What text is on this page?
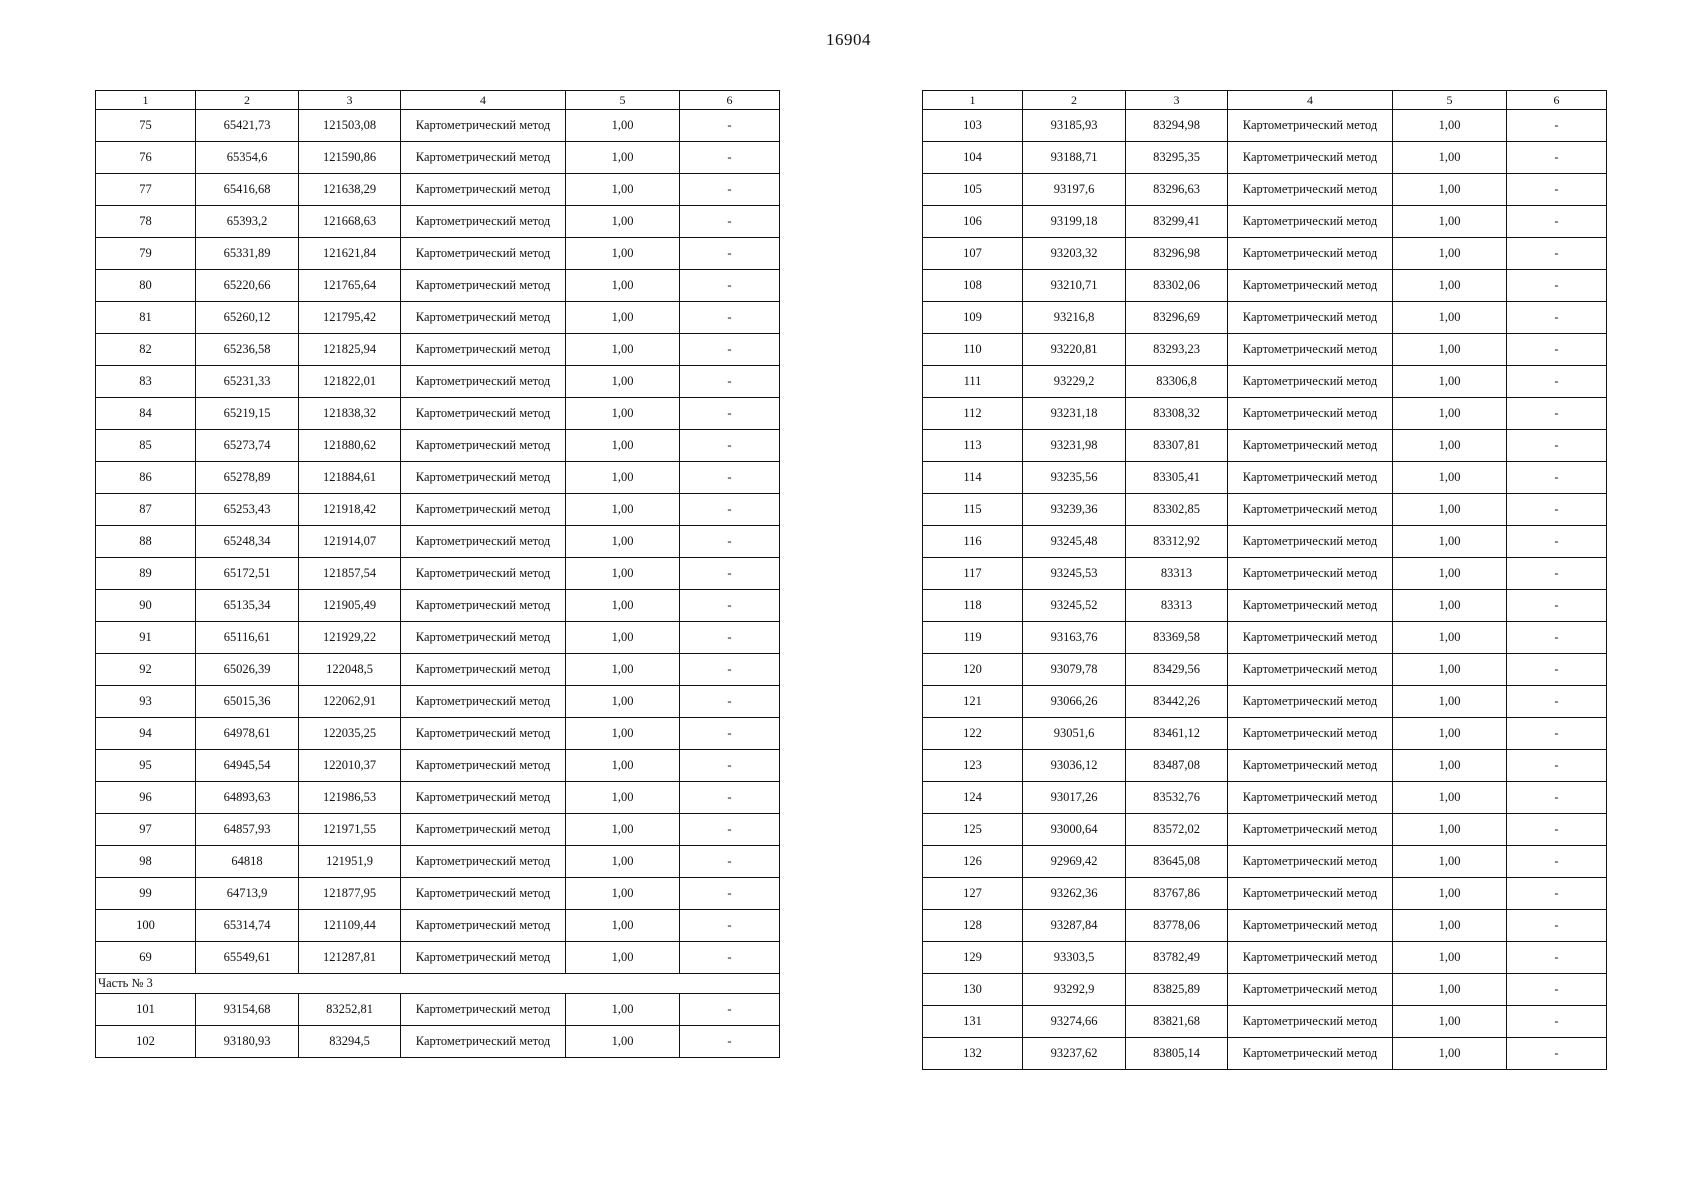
16904
1	2	3	4	5	6
75	65421,73	121503,08	Картометрический метод	1,00	-
76	65354,6	121590,86	Картометрический метод	1,00	-
77	65416,68	121638,29	Картометрический метод	1,00	-
78	65393,2	121668,63	Картометрический метод	1,00	-
79	65331,89	121621,84	Картометрический метод	1,00	-
80	65220,66	121765,64	Картометрический метод	1,00	-
81	65260,12	121795,42	Картометрический метод	1,00	-
82	65236,58	121825,94	Картометрический метод	1,00	-
83	65231,33	121822,01	Картометрический метод	1,00	-
84	65219,15	121838,32	Картометрический метод	1,00	-
85	65273,74	121880,62	Картометрический метод	1,00	-
86	65278,89	121884,61	Картометрический метод	1,00	-
87	65253,43	121918,42	Картометрический метод	1,00	-
88	65248,34	121914,07	Картометрический метод	1,00	-
89	65172,51	121857,54	Картометрический метод	1,00	-
90	65135,34	121905,49	Картометрический метод	1,00	-
91	65116,61	121929,22	Картометрический метод	1,00	-
92	65026,39	122048,5	Картометрический метод	1,00	-
93	65015,36	122062,91	Картометрический метод	1,00	-
94	64978,61	122035,25	Картометрический метод	1,00	-
95	64945,54	122010,37	Картометрический метод	1,00	-
96	64893,63	121986,53	Картометрический метод	1,00	-
97	64857,93	121971,55	Картометрический метод	1,00	-
98	64818	121951,9	Картометрический метод	1,00	-
99	64713,9	121877,95	Картометрический метод	1,00	-
100	65314,74	121109,44	Картометрический метод	1,00	-
69	65549,61	121287,81	Картометрический метод	1,00	-
Часть № 3					
101	93154,68	83252,81	Картометрический метод	1,00	-
102	93180,93	83294,5	Картометрический метод	1,00	-
1	2	3	4	5	6
103	93185,93	83294,98	Картометрический метод	1,00	-
104	93188,71	83295,35	Картометрический метод	1,00	-
105	93197,6	83296,63	Картометрический метод	1,00	-
106	93199,18	83299,41	Картометрический метод	1,00	-
107	93203,32	83296,98	Картометрический метод	1,00	-
108	93210,71	83302,06	Картометрический метод	1,00	-
109	93216,8	83296,69	Картометрический метод	1,00	-
110	93220,81	83293,23	Картометрический метод	1,00	-
111	93229,2	83306,8	Картометрический метод	1,00	-
112	93231,18	83308,32	Картометрический метод	1,00	-
113	93231,98	83307,81	Картометрический метод	1,00	-
114	93235,56	83305,41	Картометрический метод	1,00	-
115	93239,36	83302,85	Картометрический метод	1,00	-
116	93245,48	83312,92	Картометрический метод	1,00	-
117	93245,53	83313	Картометрический метод	1,00	-
118	93245,52	83313	Картометрический метод	1,00	-
119	93163,76	83369,58	Картометрический метод	1,00	-
120	93079,78	83429,56	Картометрический метод	1,00	-
121	93066,26	83442,26	Картометрический метод	1,00	-
122	93051,6	83461,12	Картометрический метод	1,00	-
123	93036,12	83487,08	Картометрический метод	1,00	-
124	93017,26	83532,76	Картометрический метод	1,00	-
125	93000,64	83572,02	Картометрический метод	1,00	-
126	92969,42	83645,08	Картометрический метод	1,00	-
127	93262,36	83767,86	Картометрический метод	1,00	-
128	93287,84	83778,06	Картометрический метод	1,00	-
129	93303,5	83782,49	Картометрический метод	1,00	-
130	93292,9	83825,89	Картометрический метод	1,00	-
131	93274,66	83821,68	Картометрический метод	1,00	-
132	93237,62	83805,14	Картометрический метод	1,00	-
